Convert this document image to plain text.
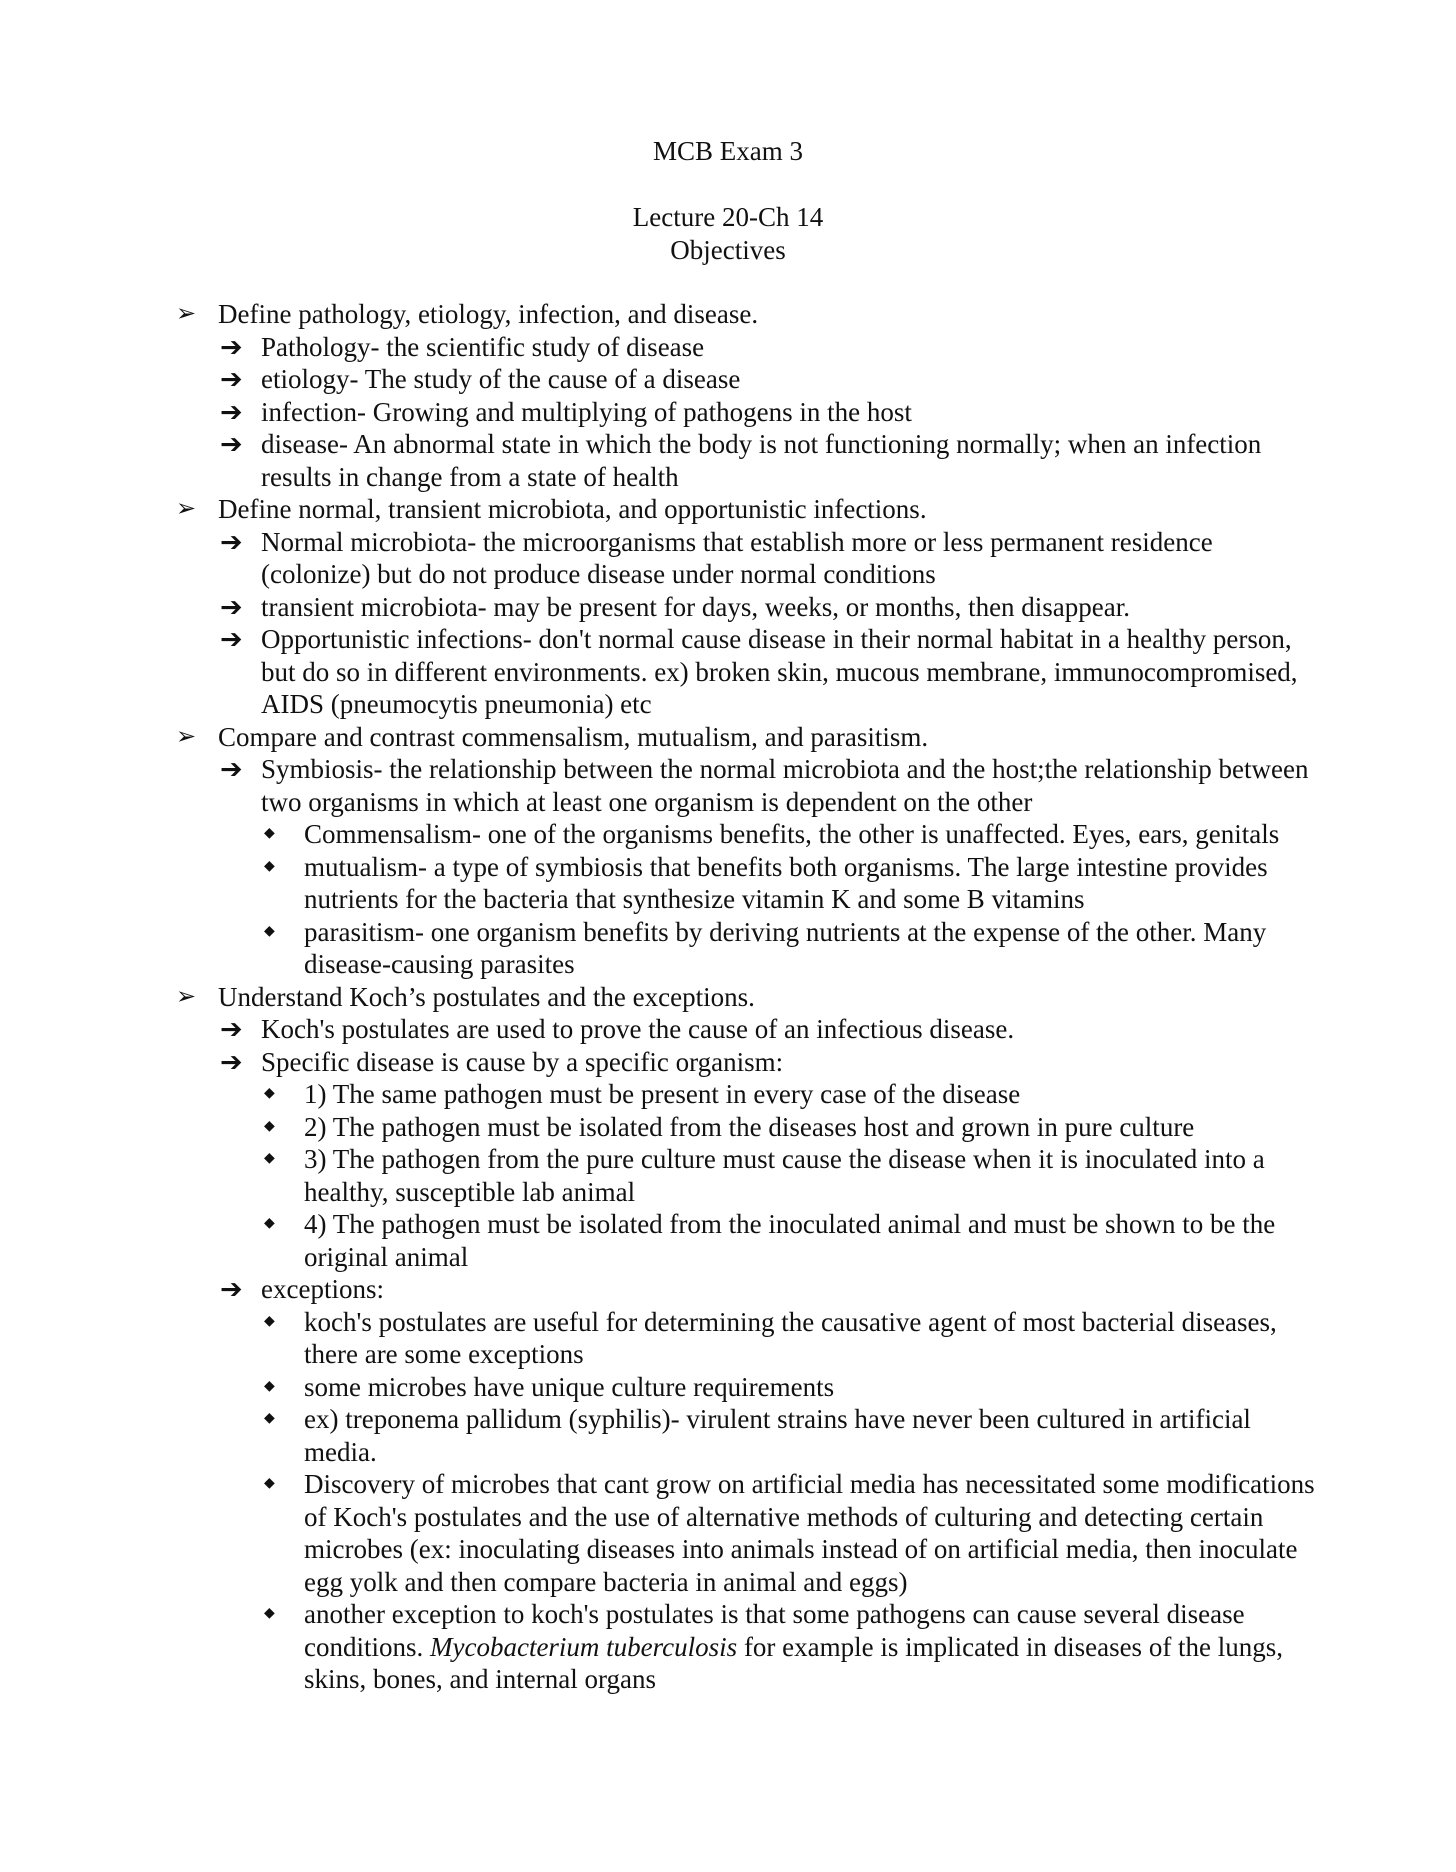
MCB Exam 3
Lecture 20-Ch 14
Objectives
➢ Define pathology, etiology, infection, and disease.
➔ Pathology- the scientific study of disease
➔ etiology- The study of the cause of a disease
➔ infection- Growing and multiplying of pathogens in the host
➔ disease- An abnormal state in which the body is not functioning normally; when an infection results in change from a state of health
➢ Define normal, transient microbiota, and opportunistic infections.
➔ Normal microbiota- the microorganisms that establish more or less permanent residence (colonize) but do not produce disease under normal conditions
➔ transient microbiota- may be present for days, weeks, or months, then disappear.
➔ Opportunistic infections- don't normal cause disease in their normal habitat in a healthy person, but do so in different environments. ex) broken skin, mucous membrane, immunocompromised, AIDS (pneumocytis pneumonia) etc
➢ Compare and contrast commensalism, mutualism, and parasitism.
➔ Symbiosis- the relationship between the normal microbiota and the host;the relationship between two organisms in which at least one organism is dependent on the other
◆ Commensalism- one of the organisms benefits, the other is unaffected. Eyes, ears, genitals
◆ mutualism- a type of symbiosis that benefits both organisms. The large intestine provides nutrients for the bacteria that synthesize vitamin K and some B vitamins
◆ parasitism- one organism benefits by deriving nutrients at the expense of the other. Many disease-causing parasites
➢ Understand Koch’s postulates and the exceptions.
➔ Koch's postulates are used to prove the cause of an infectious disease.
➔ Specific disease is cause by a specific organism:
◆ 1) The same pathogen must be present in every case of the disease
◆ 2) The pathogen must be isolated from the diseases host and grown in pure culture
◆ 3) The pathogen from the pure culture must cause the disease when it is inoculated into a healthy, susceptible lab animal
◆ 4) The pathogen must be isolated from the inoculated animal and must be shown to be the original animal
➔ exceptions:
◆ koch's postulates are useful for determining the causative agent of most bacterial diseases, there are some exceptions
◆ some microbes have unique culture requirements
◆ ex) treponema pallidum (syphilis)- virulent strains have never been cultured in artificial media.
◆ Discovery of microbes that cant grow on artificial media has necessitated some modifications of Koch's postulates and the use of alternative methods of culturing and detecting certain microbes (ex: inoculating diseases into animals instead of on artificial media, then inoculate egg yolk and then compare bacteria in animal and eggs)
◆ another exception to koch's postulates is that some pathogens can cause several disease conditions. Mycobacterium tuberculosis for example is implicated in diseases of the lungs, skins, bones, and internal organs
